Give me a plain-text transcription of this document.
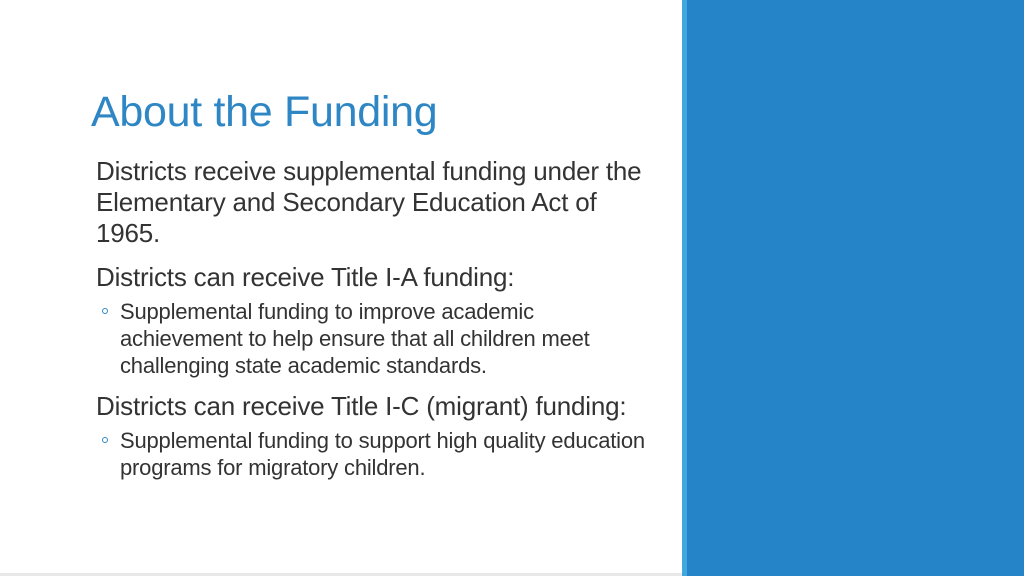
About the Funding

Districts receive supplemental funding under the Elementary and Secondary Education Act of 1965.

Districts can receive Title I-A funding:

Supplemental funding to improve academic achievement to help ensure that all children meet challenging state academic standards.

Districts can receive Title I-C (migrant) funding:

Supplemental funding to support high quality education programs for migratory children.
